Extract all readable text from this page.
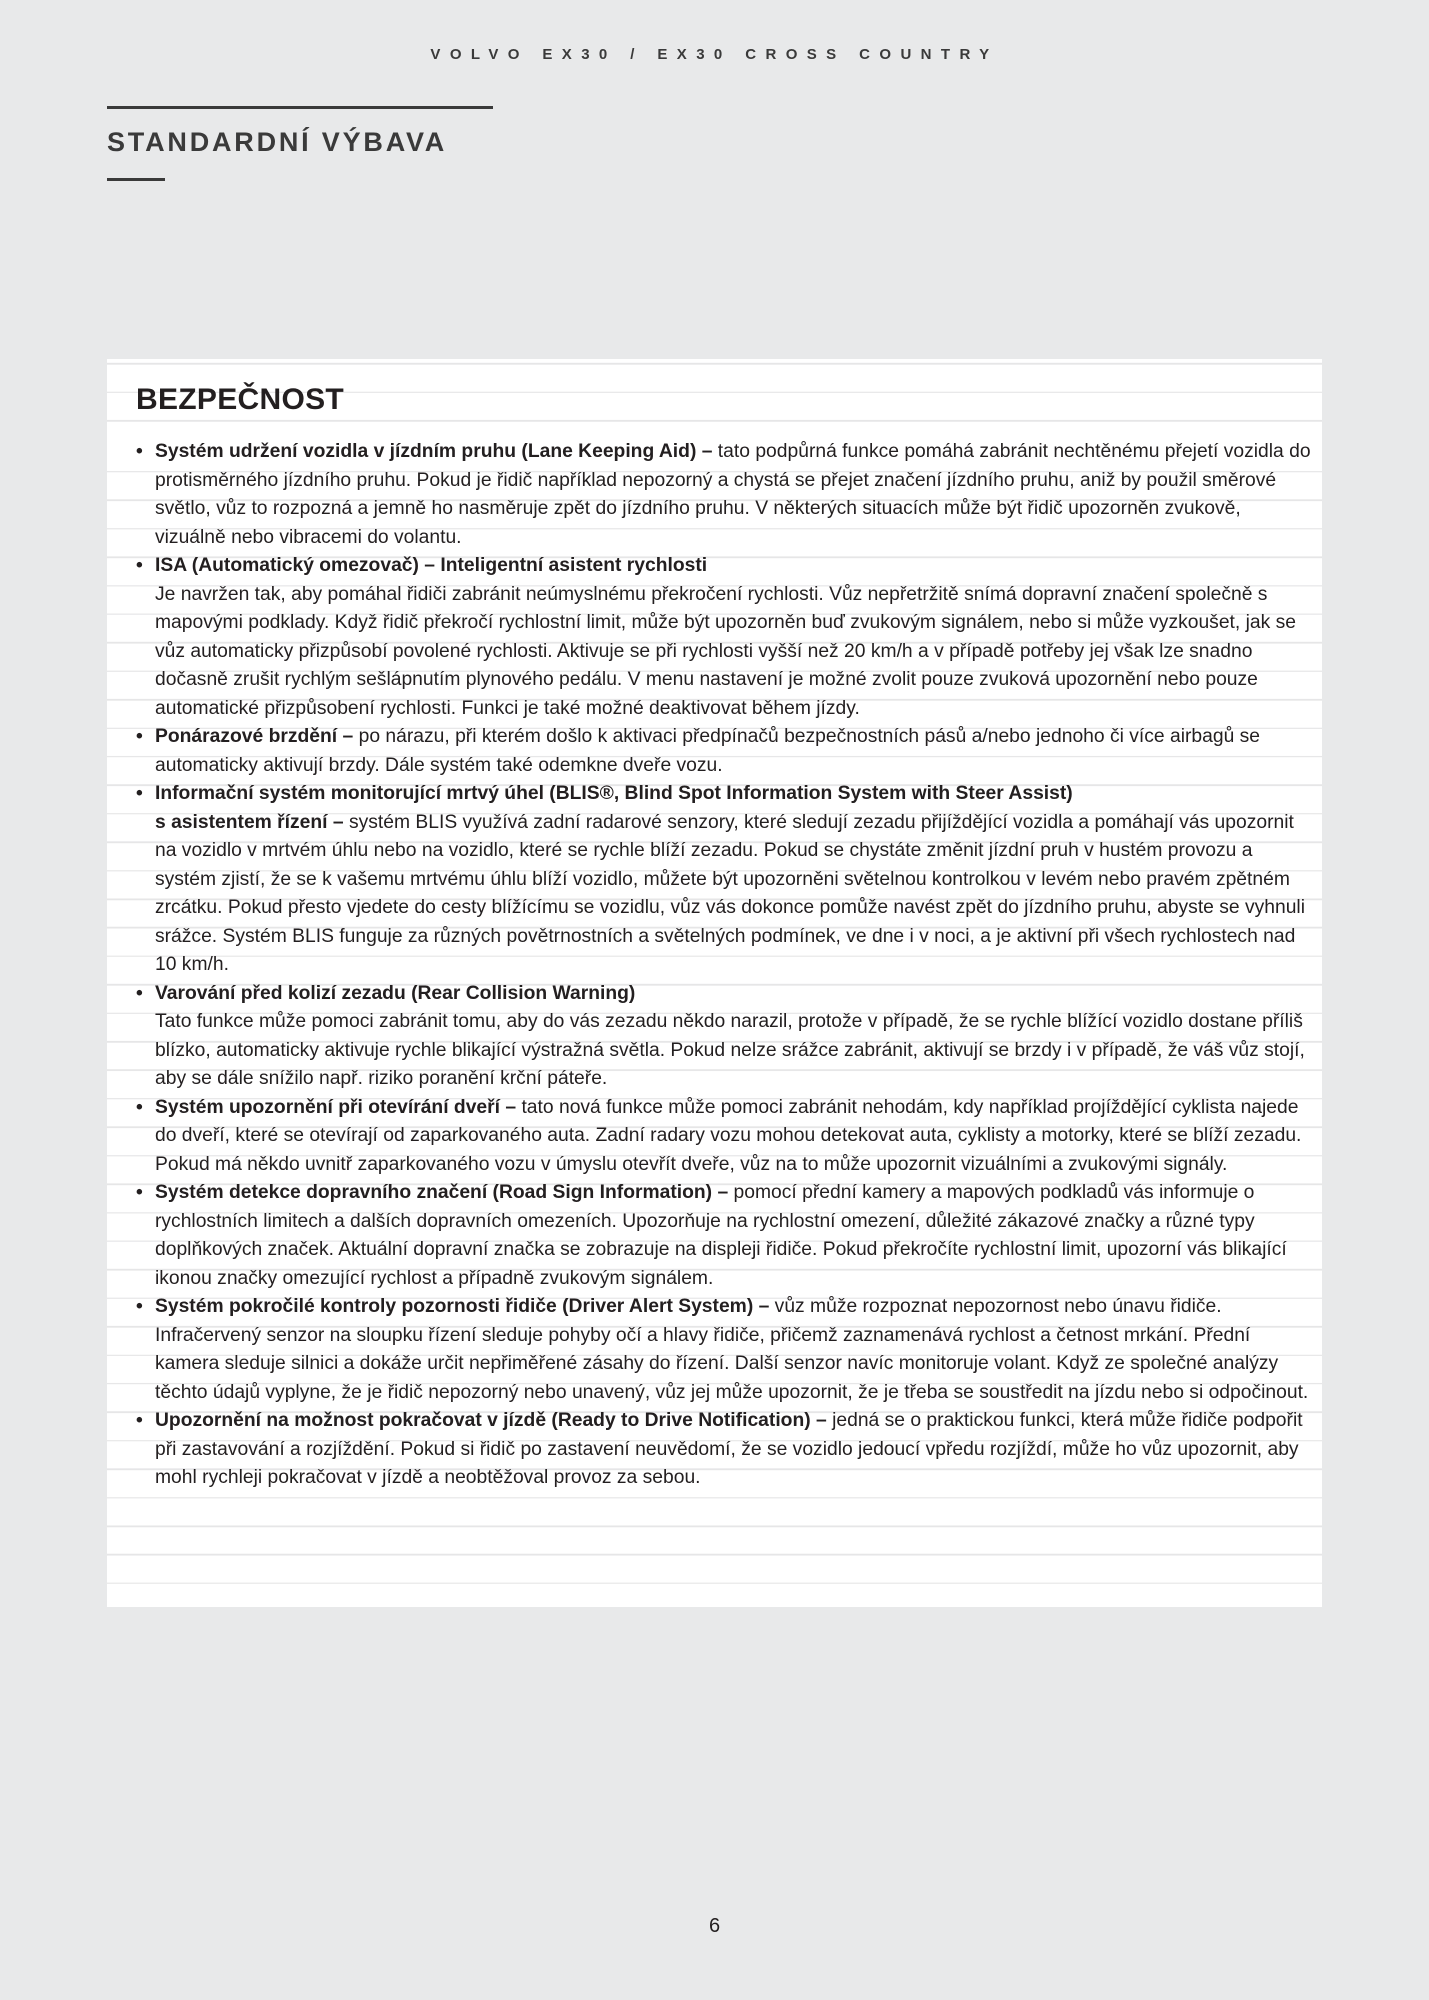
VOLVO EX30 / EX30 CROSS COUNTRY
STANDARDNÍ VÝBAVA
BEZPEČNOST
• Systém udržení vozidla v jízdním pruhu (Lane Keeping Aid) – tato podpůrná funkce pomáhá zabránit nechtěnému přejetí vozidla do protisměrného jízdního pruhu. Pokud je řidič například nepozorný a chystá se přejet značení jízdního pruhu, aniž by použil směrové světlo, vůz to rozpozná a jemně ho nasměruje zpět do jízdního pruhu. V některých situacích může být řidič upozorněn zvukově, vizuálně nebo vibracemi do volantu.
• ISA (Automatický omezovač) – Inteligentní asistent rychlosti
Je navržen tak, aby pomáhal řidiči zabránit neúmyslnému překročení rychlosti. Vůz nepřetržitě snímá dopravní značení společně s mapovými podklady. Když řidič překročí rychlostní limit, může být upozorněn buď zvukovým signálem, nebo si může vyzkoušet, jak se vůz automaticky přizpůsobí povolené rychlosti. Aktivuje se při rychlosti vyšší než 20 km/h a v případě potřeby jej však lze snadno dočasně zrušit rychlým sešlápnutím plynového pedálu. V menu nastavení je možné zvolit pouze zvuková upozornění nebo pouze automatické přizpůsobení rychlosti. Funkci je také možné deaktivovat během jízdy.
• Ponárazové brzdění – po nárazu, při kterém došlo k aktivaci předpínačů bezpečnostních pásů a/nebo jednoho či více airbagů se automaticky aktivují brzdy. Dále systém také odemkne dveře vozu.
• Informační systém monitorující mrtvý úhel (BLIS®, Blind Spot Information System with Steer Assist)
s asistentem řízení – systém BLIS využívá zadní radarové senzory, které sledují zezadu přijíždějící vozidla a pomáhají vás upozornit na vozidlo v mrtvém úhlu nebo na vozidlo, které se rychle blíží zezadu. Pokud se chystáte změnit jízdní pruh v hustém provozu a systém zjistí, že se k vašemu mrtvému úhlu blíží vozidlo, můžete být upozorněni světelnou kontrolkou v levém nebo pravém zpětném zrcátku. Pokud přesto vjedete do cesty blížícímu se vozidlu, vůz vás dokonce pomůže navést zpět do jízdního pruhu, abyste se vyhnuli srážce. Systém BLIS funguje za různých povětrnostních a světelných podmínek, ve dne i v noci, a je aktivní při všech rychlostech nad 10 km/h.
• Varování před kolizí zezadu (Rear Collision Warning)
Tato funkce může pomoci zabránit tomu, aby do vás zezadu někdo narazil, protože v případě, že se rychle blížící vozidlo dostane příliš blízko, automaticky aktivuje rychle blikající výstražná světla. Pokud nelze srážce zabránit, aktivují se brzdy i v případě, že váš vůz stojí, aby se dále snížilo např. riziko poranění krční páteře.
• Systém upozornění při otevírání dveří – tato nová funkce může pomoci zabránit nehodám, kdy například projíždějící cyklista najede do dveří, které se otevírají od zaparkovaného auta. Zadní radary vozu mohou detekovat auta, cyklisty a motorky, které se blíží zezadu. Pokud má někdo uvnitř zaparkovaného vozu v úmyslu otevřít dveře, vůz na to může upozornit vizuálními a zvukovými signály.
• Systém detekce dopravního značení (Road Sign Information) – pomocí přední kamery a mapových podkladů vás informuje o rychlostních limitech a dalších dopravních omezeních. Upozorňuje na rychlostní omezení, důležité zákazové značky a různé typy doplňkových značek. Aktuální dopravní značka se zobrazuje na displeji řidiče. Pokud překročíte rychlostní limit, upozorní vás blikající ikonou značky omezující rychlost a případně zvukovým signálem.
• Systém pokročilé kontroly pozornosti řidiče (Driver Alert System) – vůz může rozpoznat nepozornost nebo únavu řidiče. Infračervený senzor na sloupku řízení sleduje pohyby očí a hlavy řidiče, přičemž zaznamenává rychlost a četnost mrkání. Přední kamera sleduje silnici a dokáže určit nepřiměřené zásahy do řízení. Další senzor navíc monitoruje volant. Když ze společné analýzy těchto údajů vyplyne, že je řidič nepozorný nebo unavený, vůz jej může upozornit, že je třeba se soustředit na jízdu nebo si odpočinout.
• Upozornění na možnost pokračovat v jízdě (Ready to Drive Notification) – jedná se o praktickou funkci, která může řidiče podpořit při zastavování a rozjíždění. Pokud si řidič po zastavení neuvědomí, že se vozidlo jedoucí vpředu rozjíždí, může ho vůz upozornit, aby mohl rychleji pokračovat v jízdě a neobtěžoval provoz za sebou.
6
